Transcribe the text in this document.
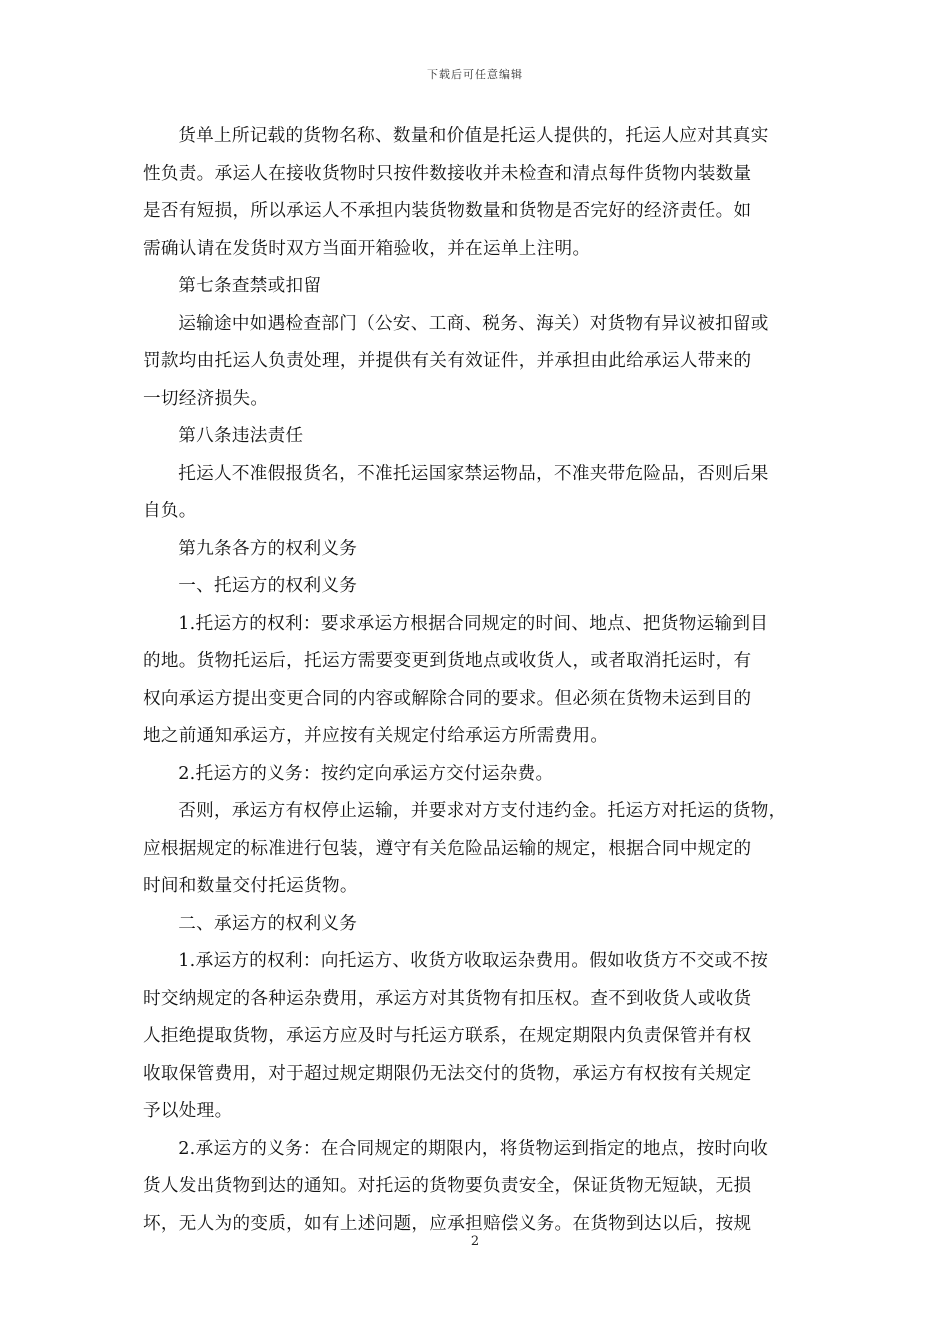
下载后可任意编辑

货单上所记载的货物名称、数量和价值是托运人提供的，托运人应对其真实
性负责。承运人在接收货物时只按件数接收并未检查和清点每件货物内装数量
是否有短损，所以承运人不承担内装货物数量和货物是否完好的经济责任。如
需确认请在发货时双方当面开箱验收，并在运单上注明。

第七条查禁或扣留

运输途中如遇检查部门（公安、工商、税务、海关）对货物有异议被扣留或
罚款均由托运人负责处理，并提供有关有效证件，并承担由此给承运人带来的
一切经济损失。

第八条违法责任

托运人不准假报货名，不准托运国家禁运物品，不准夹带危险品，否则后果
自负。

第九条各方的权利义务

一、托运方的权利义务

1.托运方的权利：要求承运方根据合同规定的时间、地点、把货物运输到目
的地。货物托运后，托运方需要变更到货地点或收货人，或者取消托运时，有
权向承运方提出变更合同的内容或解除合同的要求。但必须在货物未运到目的
地之前通知承运方，并应按有关规定付给承运方所需费用。

2.托运方的义务：按约定向承运方交付运杂费。

否则，承运方有权停止运输，并要求对方支付违约金。托运方对托运的货物，
应根据规定的标准进行包装，遵守有关危险品运输的规定，根据合同中规定的
时间和数量交付托运货物。

二、承运方的权利义务

1.承运方的权利：向托运方、收货方收取运杂费用。假如收货方不交或不按
时交纳规定的各种运杂费用，承运方对其货物有扣压权。查不到收货人或收货
人拒绝提取货物，承运方应及时与托运方联系，在规定期限内负责保管并有权
收取保管费用，对于超过规定期限仍无法交付的货物，承运方有权按有关规定
予以处理。

2.承运方的义务：在合同规定的期限内，将货物运到指定的地点，按时向收
货人发出货物到达的通知。对托运的货物要负责安全，保证货物无短缺，无损
坏，无人为的变质，如有上述问题，应承担赔偿义务。在货物到达以后，按规

2
